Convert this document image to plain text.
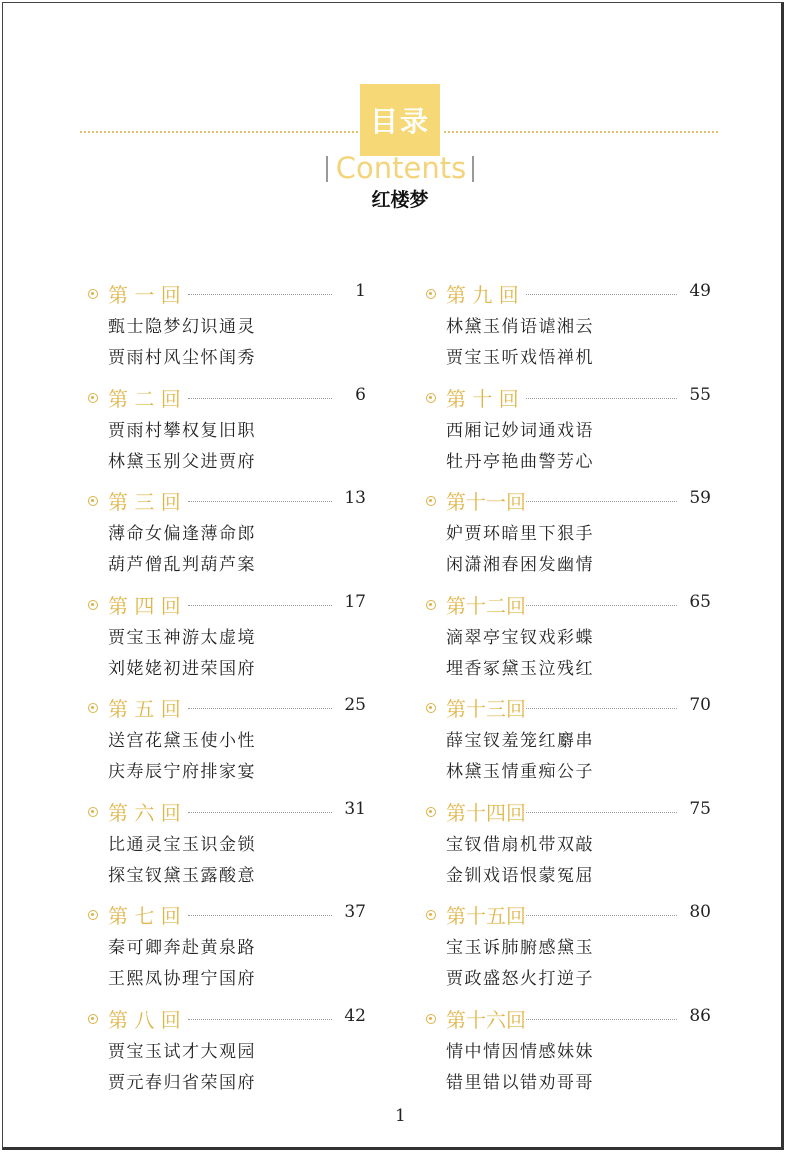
目录
Contents
红楼梦
第 一 回	1
甄士隐梦幻识通灵
贾雨村风尘怀闺秀
第 二 回	6
贾雨村攀权复旧职
林黛玉别父进贾府
第 三 回	13
薄命女偏逢薄命郎
葫芦僧乱判葫芦案
第 四 回	17
贾宝玉神游太虚境
刘姥姥初进荣国府
第 五 回	25
送宫花黛玉使小性
庆寿辰宁府排家宴
第 六 回	31
比通灵宝玉识金锁
探宝钗黛玉露酸意
第 七 回	37
秦可卿奔赴黄泉路
王熙凤协理宁国府
第 八 回	42
贾宝玉试才大观园
贾元春归省荣国府
第 九 回	49
林黛玉俏语谑湘云
贾宝玉听戏悟禅机
第 十 回	55
西厢记妙词通戏语
牡丹亭艳曲警芳心
第十一回	59
妒贾环暗里下狠手
闲潇湘春困发幽情
第十二回	65
滴翠亭宝钗戏彩蝶
埋香冢黛玉泣残红
第十三回	70
薛宝钗羞笼红麝串
林黛玉情重痴公子
第十四回	75
宝钗借扇机带双敲
金钏戏语恨蒙冤屈
第十五回	80
宝玉诉肺腑感黛玉
贾政盛怒火打逆子
第十六回	86
情中情因情感妹妹
错里错以错劝哥哥
1
